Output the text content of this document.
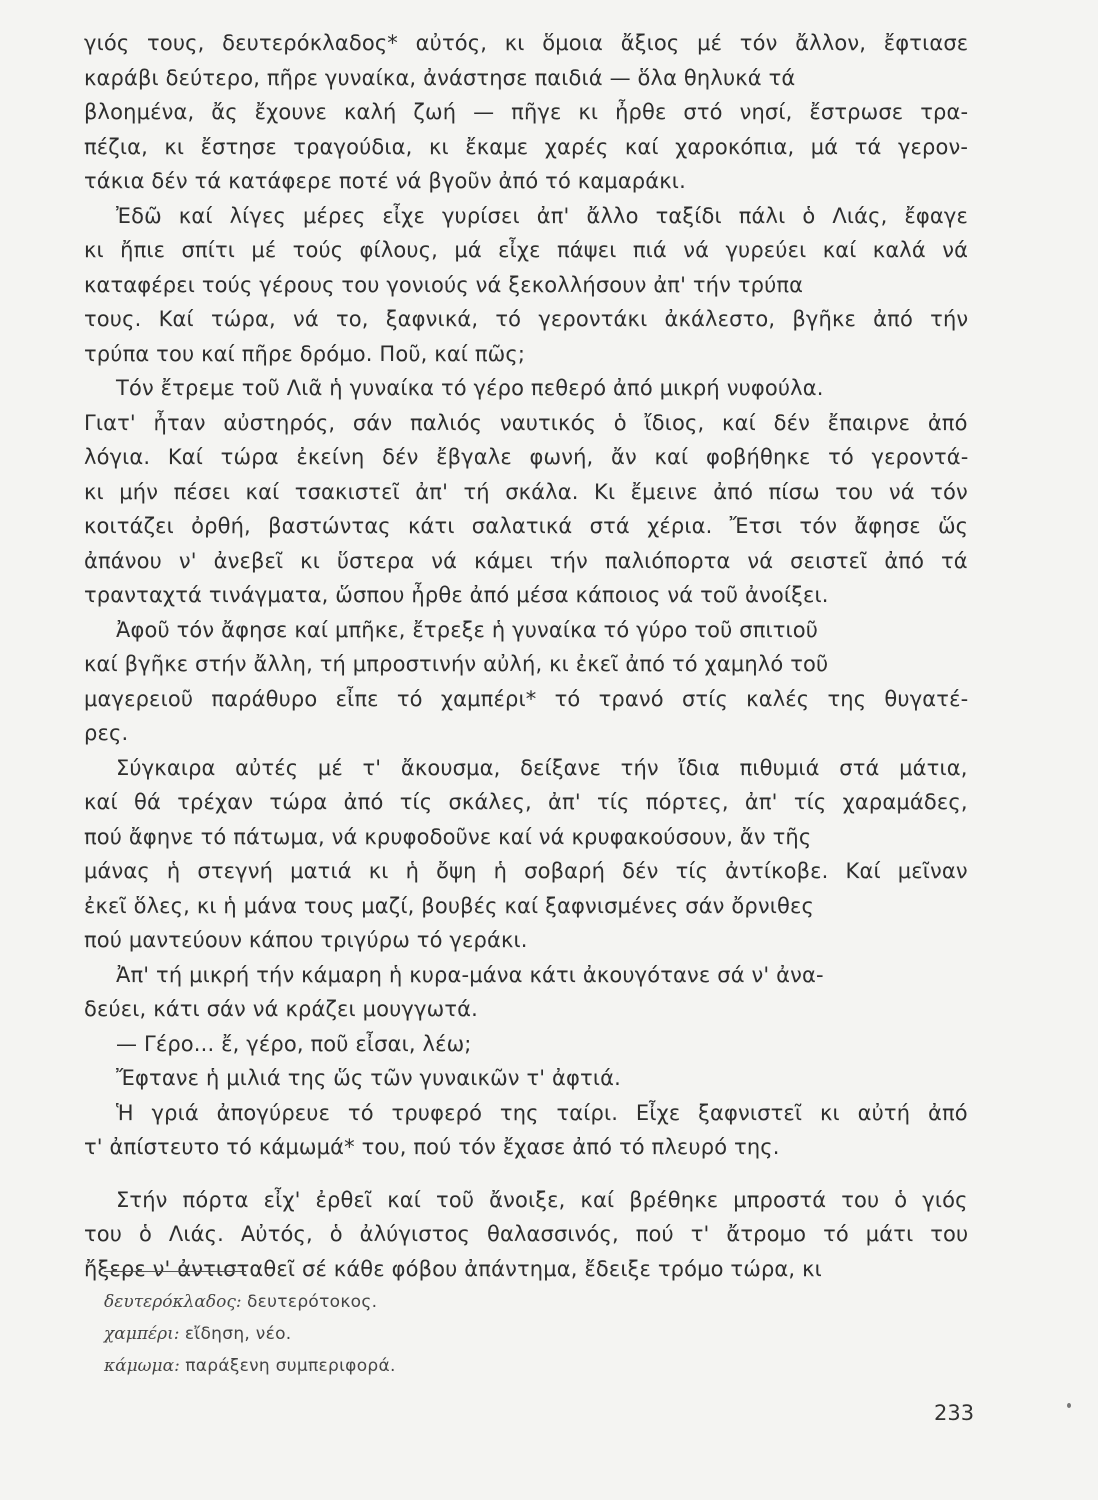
γιός τους, δευτερόκλαδος* αὐτός, κι ὅμοια ἄξιος μέ τόν ἄλλον, ἔφτιασε
καράβι δεύτερο, πῆρε γυναίκα, ἀνάστησε παιδιά — ὅλα θηλυκά τά
βλοημένα, ἄς ἔχουνε καλή ζωή — πῆγε κι ἦρθε στό νησί, ἔστρωσε τρα-
πέζια, κι ἔστησε τραγούδια, κι ἔκαμε χαρές καί χαροκόπια, μά τά γερον-
τάκια δέν τά κατάφερε ποτέ νά βγοῦν ἀπό τό καμαράκι.
Ἐδῶ καί λίγες μέρες εἶχε γυρίσει ἀπ' ἄλλο ταξίδι πάλι ὁ Λιάς, ἔφαγε
κι ἤπιε σπίτι μέ τούς φίλους, μά εἶχε πάψει πιά νά γυρεύει καί καλά νά
καταφέρει τούς γέρους του γονιούς νά ξεκολλήσουν ἀπ' τήν τρύπα
τους. Καί τώρα, νά το, ξαφνικά, τό γεροντάκι ἀκάλεστο, βγῆκε ἀπό τήν
τρύπα του καί πῆρε δρόμο. Ποῦ, καί πῶς;
Τόν ἔτρεμε τοῦ Λιᾶ ἡ γυναίκα τό γέρο πεθερό ἀπό μικρή νυφούλα.
Γιατ' ἦταν αὐστηρός, σάν παλιός ναυτικός ὁ ἴδιος, καί δέν ἔπαιρνε ἀπό
λόγια. Καί τώρα ἐκείνη δέν ἔβγαλε φωνή, ἄν καί φοβήθηκε τό γεροντά-
κι μήν πέσει καί τσακιστεῖ ἀπ' τή σκάλα. Κι ἔμεινε ἀπό πίσω του νά τόν
κοιτάζει ὀρθή, βαστώντας κάτι σαλατικά στά χέρια. Ἔτσι τόν ἄφησε ὥς
ἀπάνου ν' ἀνεβεῖ κι ὕστερα νά κάμει τήν παλιόπορτα νά σειστεῖ ἀπό τά
τρανταχτά τινάγματα, ὥσπου ἦρθε ἀπό μέσα κάποιος νά τοῦ ἀνοίξει.
Ἀφοῦ τόν ἄφησε καί μπῆκε, ἔτρεξε ἡ γυναίκα τό γύρο τοῦ σπιτιοῦ
καί βγῆκε στήν ἄλλη, τή μπροστινήν αὐλή, κι ἐκεῖ ἀπό τό χαμηλό τοῦ
μαγερειοῦ παράθυρο εἶπε τό χαμπέρι* τό τρανό στίς καλές της θυγατέ-
ρες.
Σύγκαιρα αὐτές μέ τ' ἄκουσμα, δείξανε τήν ἴδια πιθυμιά στά μάτια,
καί θά τρέχαν τώρα ἀπό τίς σκάλες, ἀπ' τίς πόρτες, ἀπ' τίς χαραμάδες,
πού ἄφηνε τό πάτωμα, νά κρυφοδοῦνε καί νά κρυφακούσουν, ἄν τῆς
μάνας ἡ στεγνή ματιά κι ἡ ὄψη ἡ σοβαρή δέν τίς ἀντίκοβε. Καί μεῖναν
ἐκεῖ ὅλες, κι ἡ μάνα τους μαζί, βουβές καί ξαφνισμένες σάν ὄρνιθες
πού μαντεύουν κάπου τριγύρω τό γεράκι.
Ἀπ' τή μικρή τήν κάμαρη ἡ κυρα-μάνα κάτι ἀκουγότανε σά ν' ἀνα-
δεύει, κάτι σάν νά κράζει μουγγωτά.
— Γέρο... ἔ, γέρο, ποῦ εἶσαι, λέω;
Ἔφτανε ἡ μιλιά της ὥς τῶν γυναικῶν τ' ἀφτιά.
Ἡ γριά ἀπογύρευε τό τρυφερό της ταίρι. Εἶχε ξαφνιστεῖ κι αὐτή ἀπό
τ' ἀπίστευτο τό κάμωμά* του, πού τόν ἔχασε ἀπό τό πλευρό της.
Στήν πόρτα εἶχ' ἐρθεῖ καί τοῦ ἄνοιξε, καί βρέθηκε μπροστά του ὁ γιός
του ὁ Λιάς. Αὐτός, ὁ ἀλύγιστος θαλασσινός, πού τ' ἄτρομο τό μάτι του
ἤξερε ν' ἀντισταθεῖ σέ κάθε φόβου ἀπάντημα, ἔδειξε τρόμο τώρα, κι
δευτερόκλαδος: δευτερότοκος.
χαμπέρι: εἴδηση, νέο.
κάμωμα: παράξενη συμπεριφορά.
233
